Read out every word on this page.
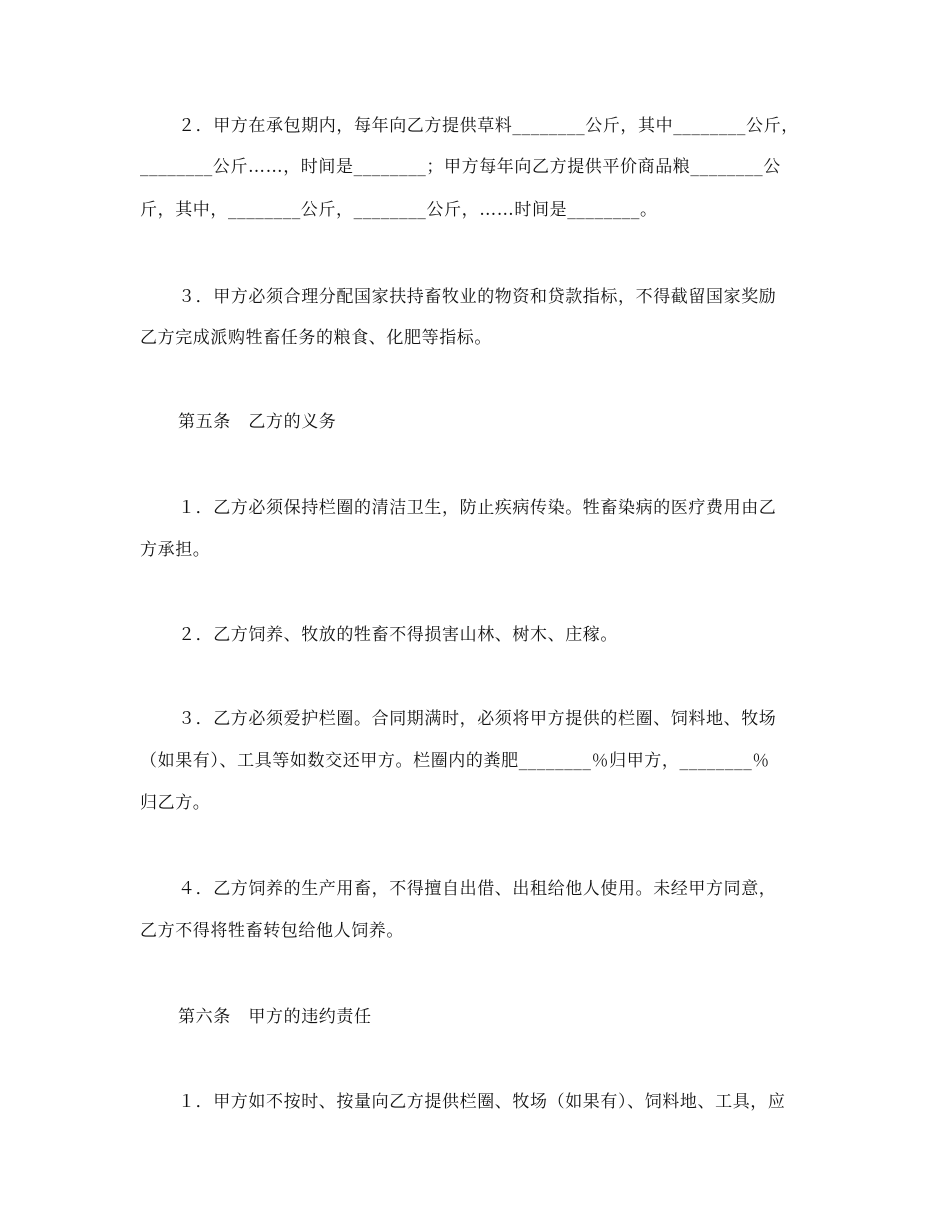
２．甲方在承包期内，每年向乙方提供草料________公斤，其中________公斤，
________公斤……，时间是________；甲方每年向乙方提供平价商品粮________公
斤，其中，________公斤，________公斤，……时间是________。
３．甲方必须合理分配国家扶持畜牧业的物资和贷款指标，不得截留国家奖励
乙方完成派购牲畜任务的粮食、化肥等指标。
第五条　乙方的义务
１．乙方必须保持栏圈的清洁卫生，防止疾病传染。牲畜染病的医疗费用由乙
方承担。
２．乙方饲养、牧放的牲畜不得损害山林、树木、庄稼。
３．乙方必须爱护栏圈。合同期满时，必须将甲方提供的栏圈、饲料地、牧场
（如果有）、工具等如数交还甲方。栏圈内的粪肥________％归甲方，________％
归乙方。
４．乙方饲养的生产用畜，不得擅自出借、出租给他人使用。未经甲方同意，
乙方不得将牲畜转包给他人饲养。
第六条　甲方的违约责任
１．甲方如不按时、按量向乙方提供栏圈、牧场（如果有）、饲料地、工具，应
